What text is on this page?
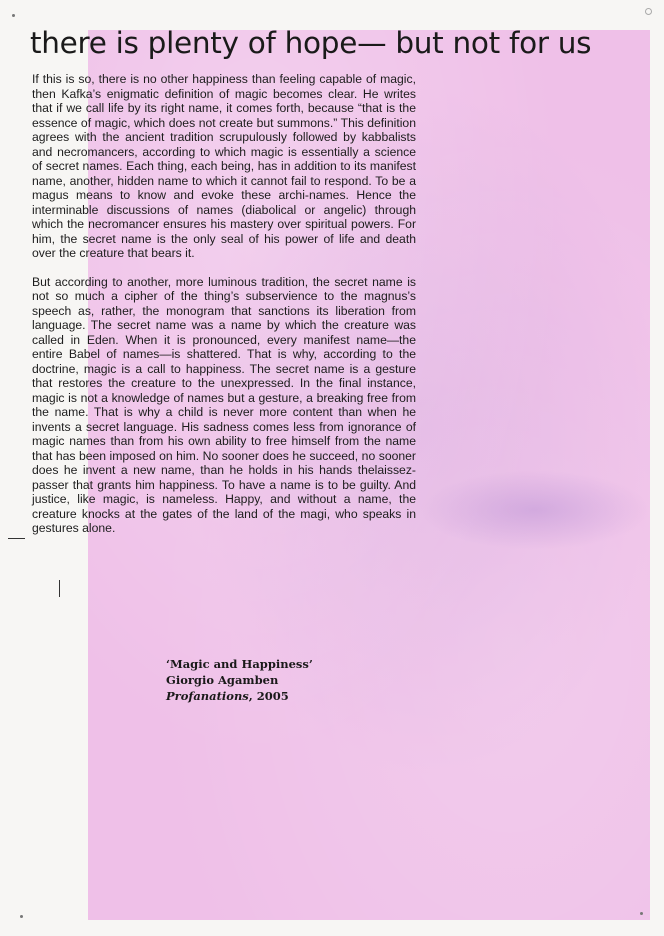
there is plenty of hope— but not for us

If this is so, there is no other happiness than feeling capable of magic, then Kafka’s enigmatic definition of magic becomes clear. He writes that if we call life by its right name, it comes forth, because “that is the essence of magic, which does not create but summons.” This definition agrees with the ancient tradition scrupulously followed by kabbalists and necromancers, according to which magic is essentially a science of secret names. Each thing, each being, has in addition to its manifest name, another, hidden name to which it cannot fail to respond. To be a magus means to know and evoke these archi-names. Hence the interminable discussions of names (diabolical or angelic) through which the necromancer ensures his mastery over spiritual powers. For him, the secret name is the only seal of his power of life and death over the creature that bears it.

But according to another, more luminous tradition, the secret name is not so much a cipher of the thing’s subservience to the magnus’s speech as, rather, the monogram that sanctions its liberation from language. The secret name was a name by which the creature was called in Eden. When it is pronounced, every manifest name—the entire Babel of names—is shattered. That is why, according to the doctrine, magic is a call to happiness. The secret name is a gesture that restores the creature to the unexpressed. In the final instance, magic is not a knowledge of names but a gesture, a breaking free from the name. That is why a child is never more content than when he invents a secret language. His sadness comes less from ignorance of magic names than from his own ability to free himself from the name that has been imposed on him. No sooner does he succeed, no sooner does he invent a new name, than he holds in his hands thelaissez-passer that grants him happiness. To have a name is to be guilty. And justice, like magic, is nameless. Happy, and without a name, the creature knocks at the gates of the land of the magi, who speaks in gestures alone.

‘Magic and Happiness’
Giorgio Agamben
Profanations, 2005
